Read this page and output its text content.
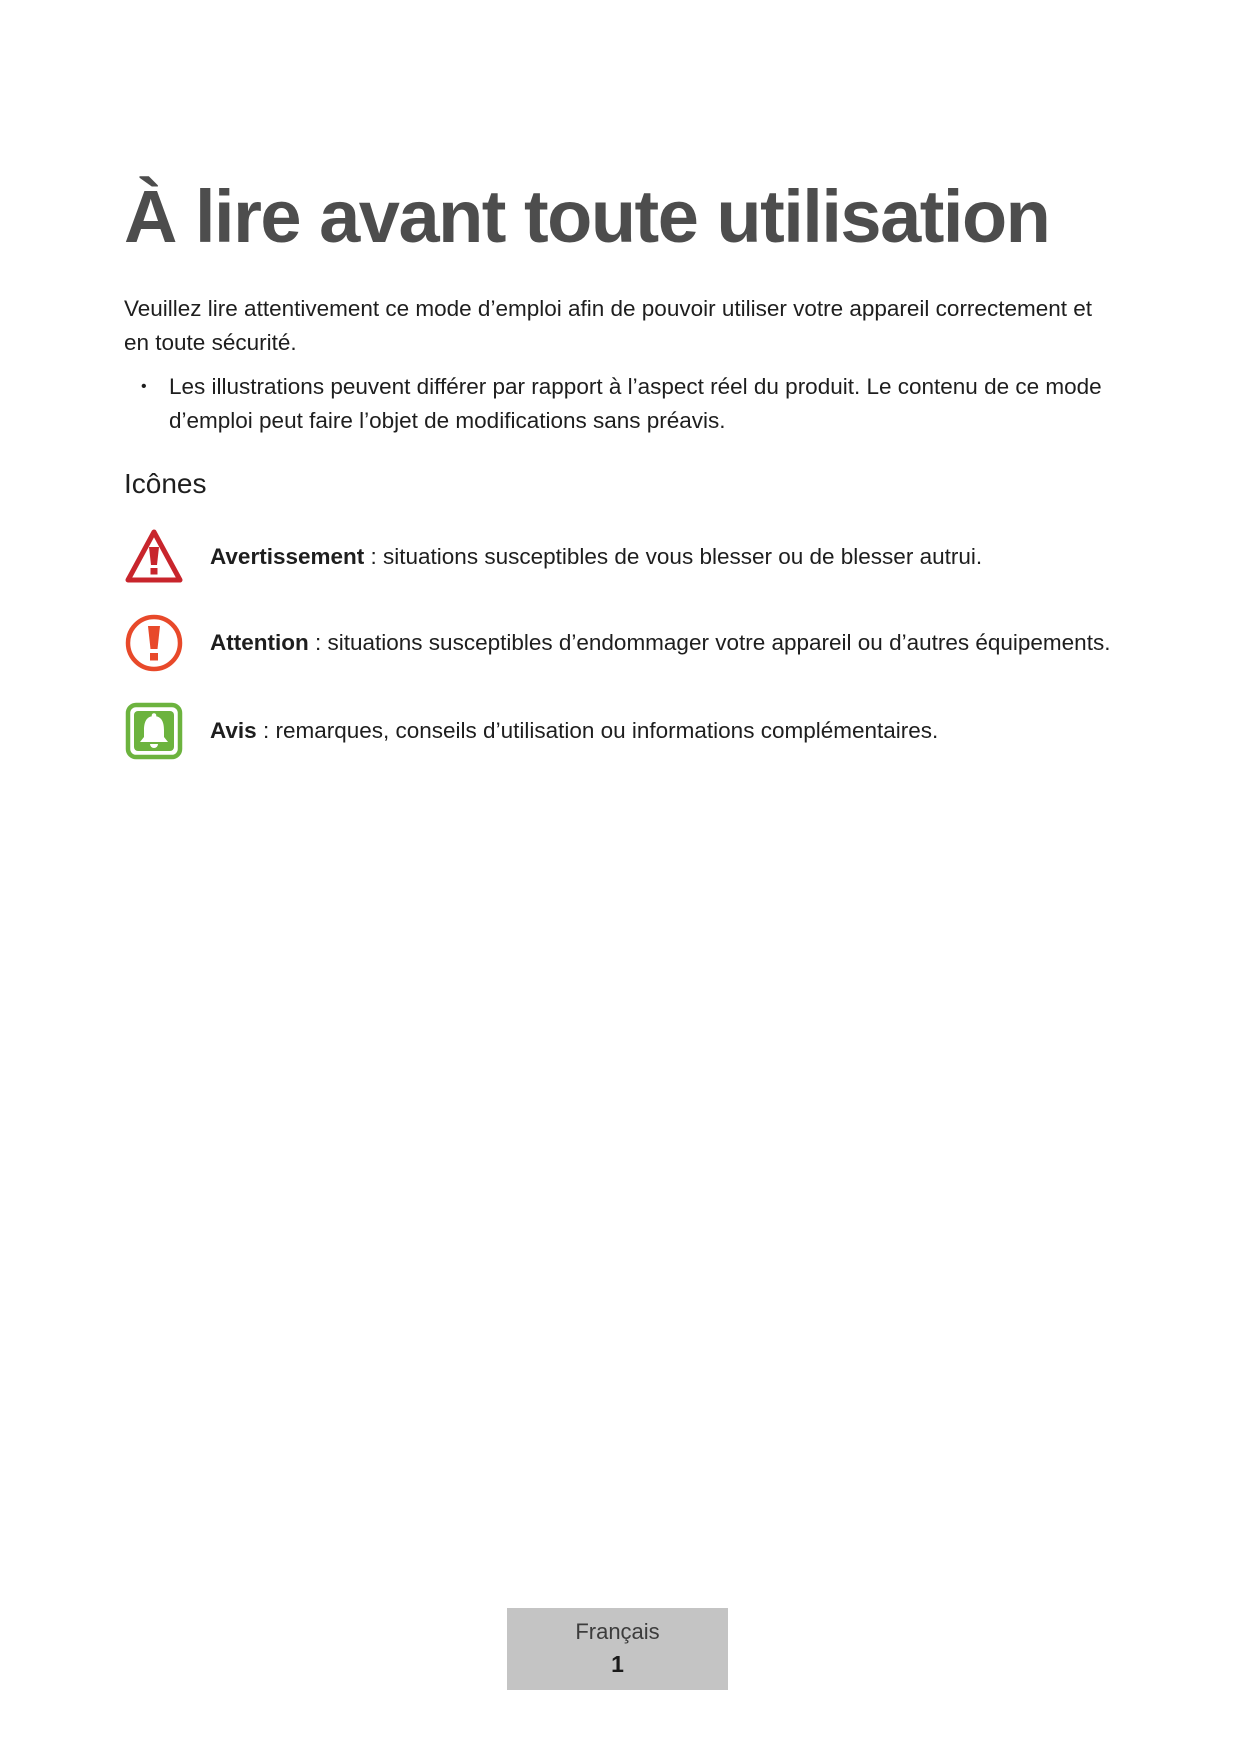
À lire avant toute utilisation

Veuillez lire attentivement ce mode d’emploi afin de pouvoir utiliser votre appareil correctement et en toute sécurité.

• Les illustrations peuvent différer par rapport à l’aspect réel du produit. Le contenu de ce mode d’emploi peut faire l’objet de modifications sans préavis.
Icônes
Avertissement : situations susceptibles de vous blesser ou de blesser autrui.
Attention : situations susceptibles d’endommager votre appareil ou d’autres équipements.
Avis : remarques, conseils d’utilisation ou informations complémentaires.
Français
1
